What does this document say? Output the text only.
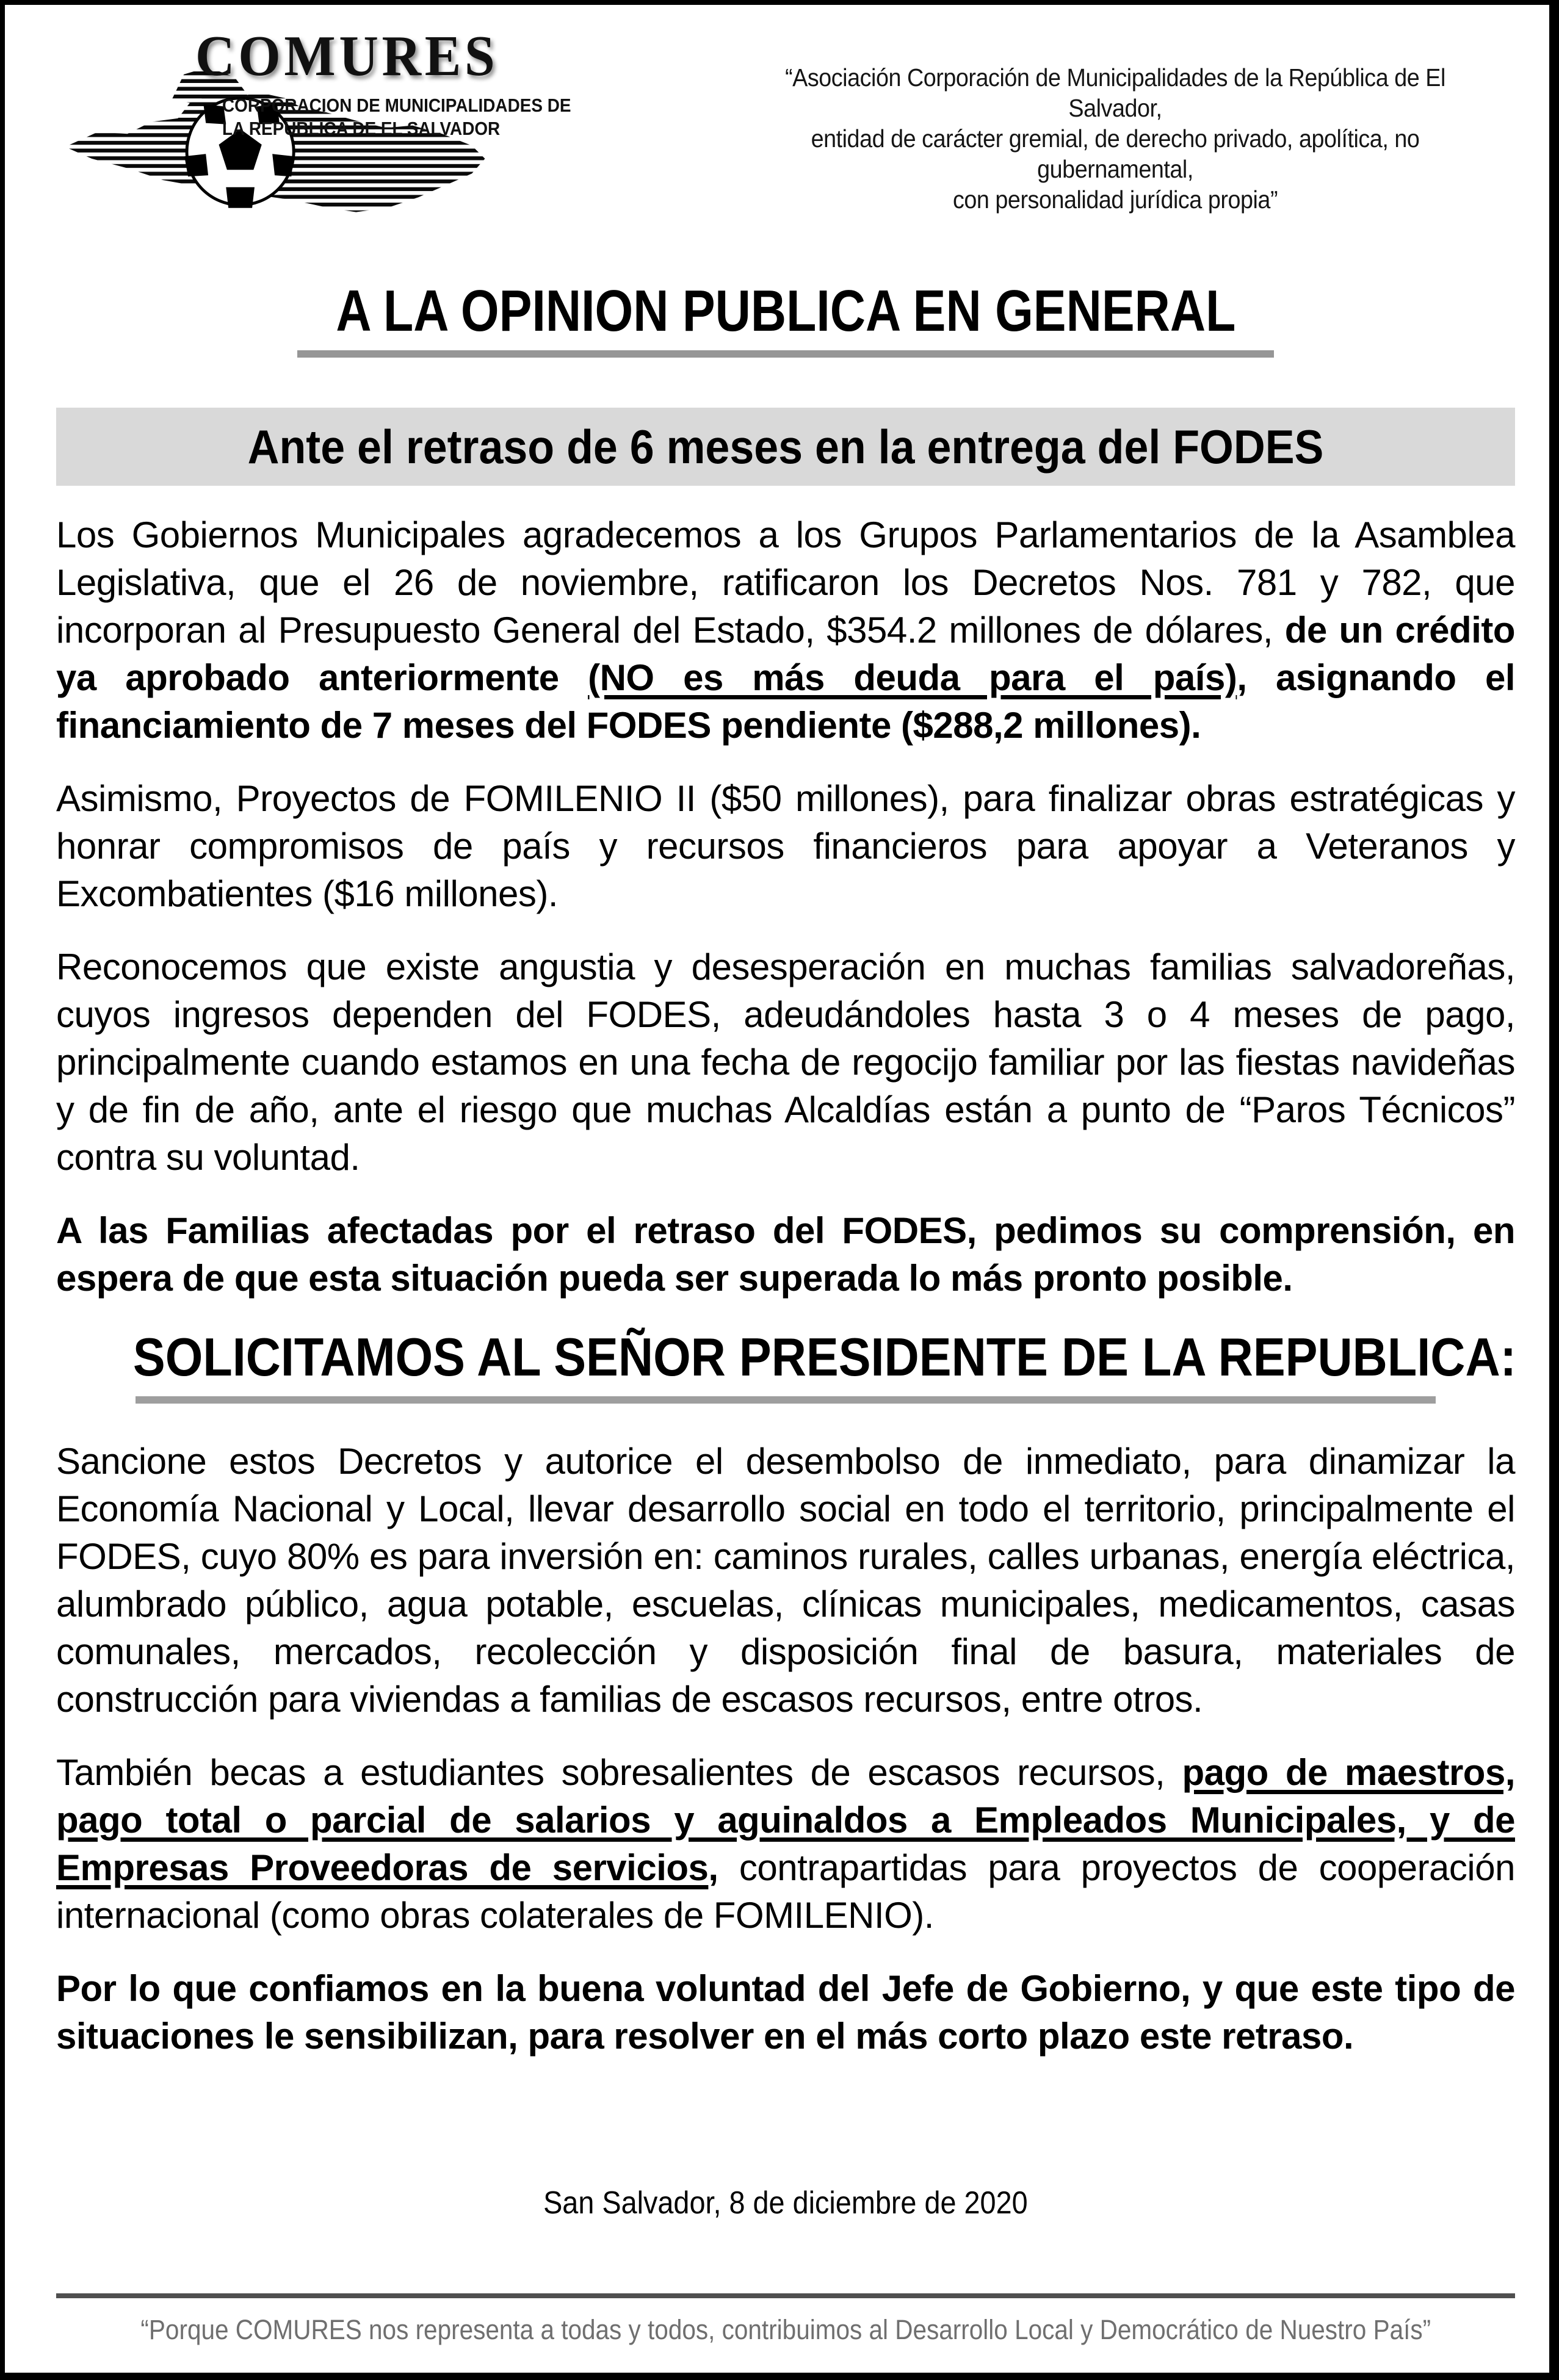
COMURES
CORPORACION DE MUNICIPALIDADES DE
LA REPUBLICA DE EL SALVADOR
“Asociación Corporación de Municipalidades de la República de El Salvador,
entidad de carácter gremial, de derecho privado, apolítica, no gubernamental,
con personalidad jurídica propia”
A LA OPINION PUBLICA EN GENERAL
Ante el retraso de 6 meses en la entrega del FODES

Los Gobiernos Municipales agradecemos a los Grupos Parlamentarios de la Asamblea Legislativa, que el 26 de noviembre, ratificaron los Decretos Nos. 781 y 782, que incorporan al Presupuesto General del Estado, $354.2 millones de dólares, de un crédito ya aprobado anteriormente (NO es más deuda para el país), asignando el financiamiento de 7 meses del FODES pendiente ($288,2 millones).

Asimismo, Proyectos de FOMILENIO II ($50 millones), para finalizar obras estratégicas y honrar compromisos de país y recursos financieros para apoyar a Veteranos y Excombatientes ($16 millones).

Reconocemos que existe angustia y desesperación en muchas familias salvadoreñas, cuyos ingresos dependen del FODES, adeudándoles hasta 3 o 4 meses de pago, principalmente cuando estamos en una fecha de regocijo familiar por las fiestas navideñas y de fin de año, ante el riesgo que muchas Alcaldías están a punto de “Paros Técnicos” contra su voluntad.

A las Familias afectadas por el retraso del FODES, pedimos su comprensión, en espera de que esta situación pueda ser superada lo más pronto posible.

SOLICITAMOS AL SEÑOR PRESIDENTE DE LA REPUBLICA:

Sancione estos Decretos y autorice el desembolso de inmediato, para dinamizar la Economía Nacional y Local, llevar desarrollo social en todo el territorio, principalmente el FODES, cuyo 80% es para inversión en: caminos rurales, calles urbanas, energía eléctrica, alumbrado público, agua potable, escuelas, clínicas municipales, medicamentos, casas comunales, mercados, recolección y disposición final de basura, materiales de construcción para viviendas a familias de escasos recursos, entre otros.

También becas a estudiantes sobresalientes de escasos recursos, pago de maestros, pago total o parcial de salarios y aguinaldos a Empleados Municipales, y de Empresas Proveedoras de servicios, contrapartidas para proyectos de cooperación internacional (como obras colaterales de FOMILENIO).

Por lo que confiamos en la buena voluntad del Jefe de Gobierno, y que este tipo de situaciones le sensibilizan, para resolver en el más corto plazo este retraso.

San Salvador, 8 de diciembre de 2020
“Porque COMURES nos representa a todas y todos, contribuimos al Desarrollo Local y Democrático de Nuestro País”
